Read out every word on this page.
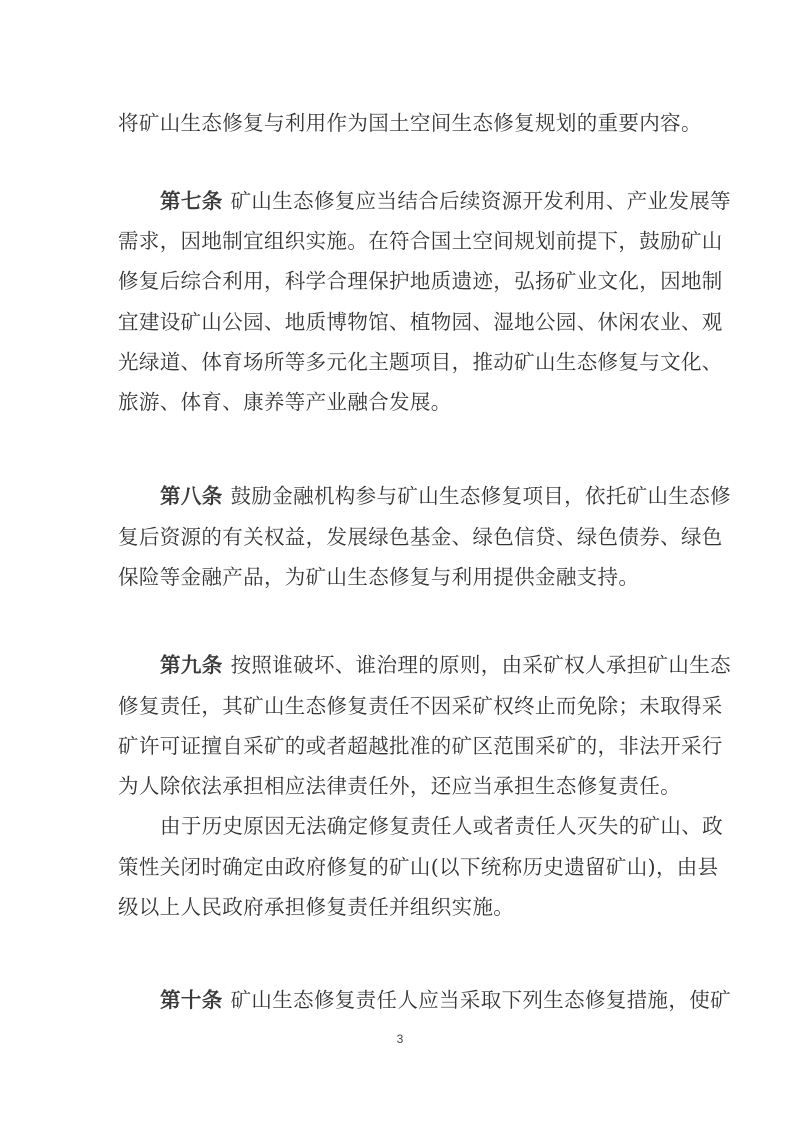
将矿山生态修复与利用作为国土空间生态修复规划的重要内容。
第七条 矿山生态修复应当结合后续资源开发利用、产业发展等
需求，因地制宜组织实施。在符合国土空间规划前提下，鼓励矿山
修复后综合利用，科学合理保护地质遗迹，弘扬矿业文化，因地制
宜建设矿山公园、地质博物馆、植物园、湿地公园、休闲农业、观
光绿道、体育场所等多元化主题项目，推动矿山生态修复与文化、
旅游、体育、康养等产业融合发展。
第八条 鼓励金融机构参与矿山生态修复项目，依托矿山生态修
复后资源的有关权益，发展绿色基金、绿色信贷、绿色债券、绿色
保险等金融产品，为矿山生态修复与利用提供金融支持。
第九条 按照谁破坏、谁治理的原则，由采矿权人承担矿山生态
修复责任，其矿山生态修复责任不因采矿权终止而免除；未取得采
矿许可证擅自采矿的或者超越批准的矿区范围采矿的，非法开采行
为人除依法承担相应法律责任外，还应当承担生态修复责任。
由于历史原因无法确定修复责任人或者责任人灭失的矿山、政
策性关闭时确定由政府修复的矿山(以下统称历史遗留矿山)，由县
级以上人民政府承担修复责任并组织实施。
第十条 矿山生态修复责任人应当采取下列生态修复措施，使矿
3
